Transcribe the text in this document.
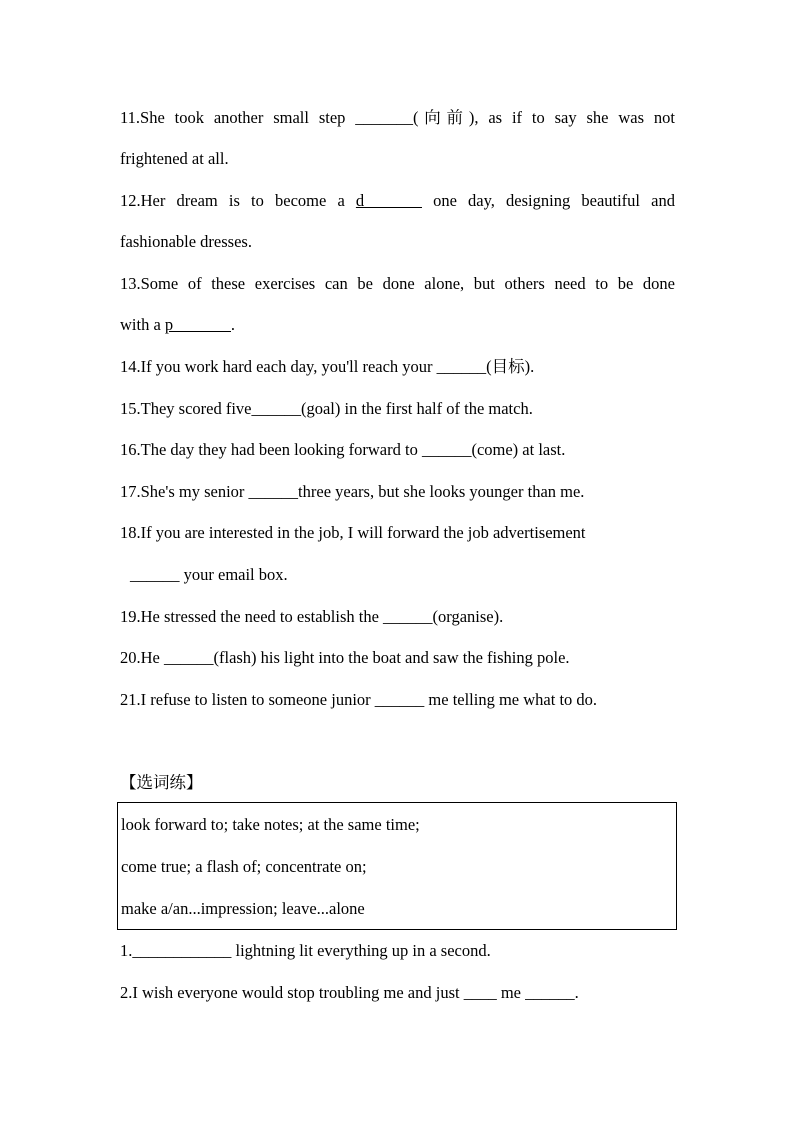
11.She took another small step _______(向前), as if to say she was not
frightened at all.
12.Her dream is to become a d_______ one day, designing beautiful and
fashionable dresses.
13.Some of these exercises can be done alone, but others need to be done
with a p_______.
14.If you work hard each day, you'll reach your ______(目标).
15.They scored five______(goal) in the first half of the match.
16.The day they had been looking forward to ______(come) at last.
17.She's my senior ______three years, but she looks younger than me.
18.If you are interested in the job, I will forward the job advertisement
______ your email box.
19.He stressed the need to establish the ______(organise).
20.He ______(flash) his light into the boat and saw the fishing pole.
21.I refuse to listen to someone junior ______ me telling me what to do.
【选词练】
look forward to; take notes; at the same time;
come true; a flash of; concentrate on;
make a/an...impression; leave...alone
1.____________ lightning lit everything up in a second.
2.I wish everyone would stop troubling me and just ____ me ______.
